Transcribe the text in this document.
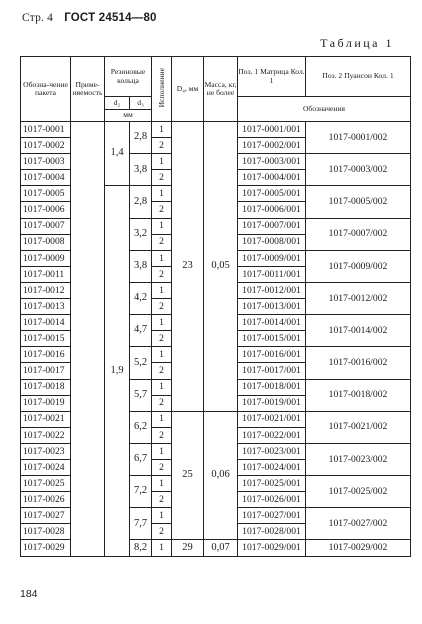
Стр. 4 ГОСТ 24514—80
Таблица 1
Обозна-чение пакета	Приме-няемость	Резиновые кольца		Исполнение	D₄, мм	Масса, кг, не более	Поз. 1 Матрица Кол. 1	Поз. 2 Пуансон Кол. 1
		d₂	d₃				Обозначения	
		мм						
1017-0001		1,4	2,8	1	23	0,05	1017-0001/001	1017-0001/002
1017-0002				2			1017-0002/001	
1017-0003			3,8	1			1017-0003/001	1017-0003/002
1017-0004				2			1017-0004/001	
1017-0005		1,9	2,8	1			1017-0005/001	1017-0005/002
1017-0006				2			1017-0006/001	
1017-0007			3,2	1			1017-0007/001	1017-0007/002
1017-0008				2			1017-0008/001	
1017-0009			3,8	1			1017-0009/001	1017-0009/002
1017-0011				2			1017-0011/001	
1017-0012			4,2	1			1017-0012/001	1017-0012/002
1017-0013				2			1017-0013/001	
1017-0014			4,7	1			1017-0014/001	1017-0014/002
1017-0015				2			1017-0015/001	
1017-0016			5,2	1			1017-0016/001	1017-0016/002
1017-0017				2			1017-0017/001	
1017-0018			5,7	1			1017-0018/001	1017-0018/002
1017-0019				2			1017-0019/001	
1017-0021			6,2	1	25	0,06	1017-0021/001	1017-0021/002
1017-0022				2			1017-0022/001	
1017-0023			6,7	1			1017-0023/001	1017-0023/002
1017-0024				2			1017-0024/001	
1017-0025			7,2	1			1017-0025/001	1017-0025/002
1017-0026				2			1017-0026/001	
1017-0027			7,7	1			1017-0027/001	1017-0027/002
1017-0028				2			1017-0028/001	
1017-0029			8,2	1	29	0,07	1017-0029/001	1017-0029/002
184
